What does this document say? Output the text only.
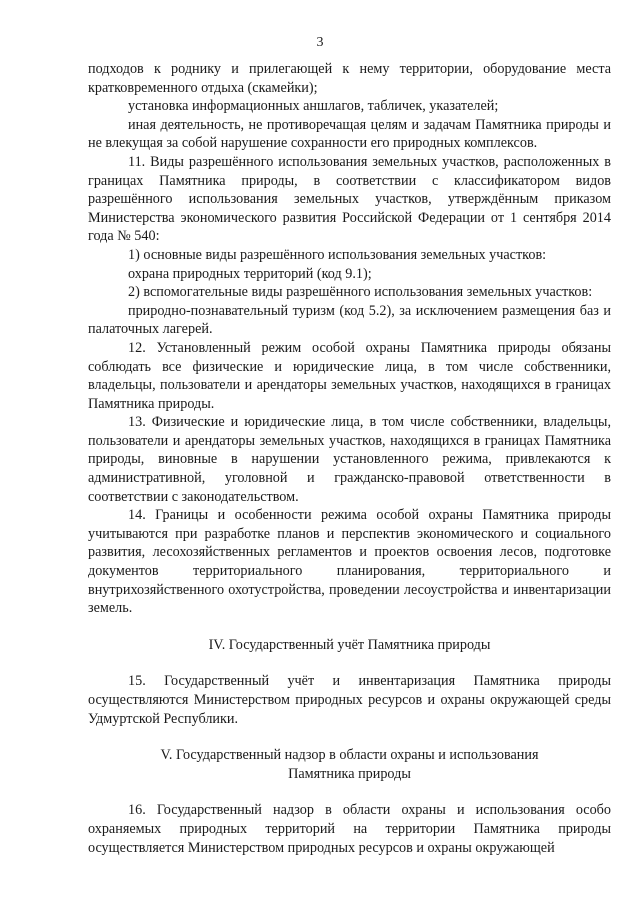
3

подходов к роднику и прилегающей к нему территории, оборудование места кратковременного отдыха (скамейки);

установка информационных аншлагов, табличек, указателей;

иная деятельность, не противоречащая целям и задачам Памятника природы и не влекущая за собой нарушение сохранности его природных комплексов.

11. Виды разрешённого использования земельных участков, расположенных в границах Памятника природы, в соответствии с классификатором видов разрешённого использования земельных участков, утверждённым приказом Министерства экономического развития Российской Федерации от 1 сентября 2014 года № 540:

1) основные виды разрешённого использования земельных участков:

охрана природных территорий (код 9.1);

2) вспомогательные виды разрешённого использования земельных участков:

природно-познавательный туризм (код 5.2), за исключением размещения баз и палаточных лагерей.

12. Установленный режим особой охраны Памятника природы обязаны соблюдать все физические и юридические лица, в том числе собственники, владельцы, пользователи и арендаторы земельных участков, находящихся в границах Памятника природы.

13. Физические и юридические лица, в том числе собственники, владельцы, пользователи и арендаторы земельных участков, находящихся в границах Памятника природы, виновные в нарушении установленного режима, привлекаются к административной, уголовной и гражданско-правовой ответственности в соответствии с законодательством.

14. Границы и особенности режима особой охраны Памятника природы учитываются при разработке планов и перспектив экономического и социального развития, лесохозяйственных регламентов и проектов освоения лесов, подготовке документов территориального планирования, территориального и внутрихозяйственного охотустройства, проведении лесоустройства и инвентаризации земель.

IV. Государственный учёт Памятника природы

15. Государственный учёт и инвентаризация Памятника природы осуществляются Министерством природных ресурсов и охраны окружающей среды Удмуртской Республики.

V. Государственный надзор в области охраны и использования

Памятника природы

16. Государственный надзор в области охраны и использования особо охраняемых природных территорий на территории Памятника природы осуществляется Министерством природных ресурсов и охраны окружающей
